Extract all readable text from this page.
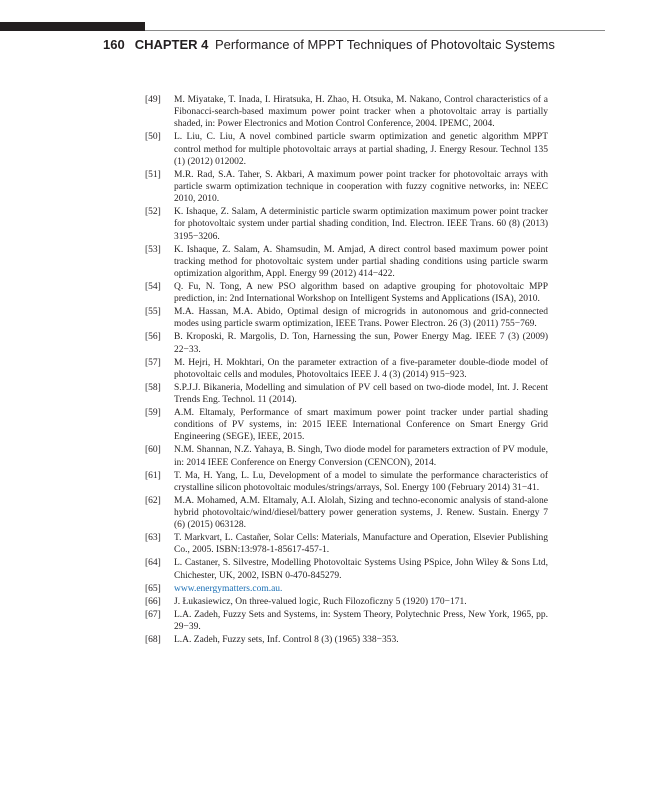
160 CHAPTER 4 Performance of MPPT Techniques of Photovoltaic Systems
[49] M. Miyatake, T. Inada, I. Hiratsuka, H. Zhao, H. Otsuka, M. Nakano, Control characteristics of a Fibonacci-search-based maximum power point tracker when a photovoltaic array is partially shaded, in: Power Electronics and Motion Control Conference, 2004. IPEMC, 2004.
[50] L. Liu, C. Liu, A novel combined particle swarm optimization and genetic algorithm MPPT control method for multiple photovoltaic arrays at partial shading, J. Energy Resour. Technol 135 (1) (2012) 012002.
[51] M.R. Rad, S.A. Taher, S. Akbari, A maximum power point tracker for photovoltaic arrays with particle swarm optimization technique in cooperation with fuzzy cognitive networks, in: NEEC 2010, 2010.
[52] K. Ishaque, Z. Salam, A deterministic particle swarm optimization maximum power point tracker for photovoltaic system under partial shading condition, Ind. Electron. IEEE Trans. 60 (8) (2013) 3195−3206.
[53] K. Ishaque, Z. Salam, A. Shamsudin, M. Amjad, A direct control based maximum power point tracking method for photovoltaic system under partial shading conditions using particle swarm optimization algorithm, Appl. Energy 99 (2012) 414−422.
[54] Q. Fu, N. Tong, A new PSO algorithm based on adaptive grouping for photovoltaic MPP prediction, in: 2nd International Workshop on Intelligent Systems and Applications (ISA), 2010.
[55] M.A. Hassan, M.A. Abido, Optimal design of microgrids in autonomous and grid-connected modes using particle swarm optimization, IEEE Trans. Power Electron. 26 (3) (2011) 755−769.
[56] B. Kroposki, R. Margolis, D. Ton, Harnessing the sun, Power Energy Mag. IEEE 7 (3) (2009) 22−33.
[57] M. Hejri, H. Mokhtari, On the parameter extraction of a five-parameter double-diode model of photovoltaic cells and modules, Photovoltaics IEEE J. 4 (3) (2014) 915−923.
[58] S.P.J.J. Bikaneria, Modelling and simulation of PV cell based on two-diode model, Int. J. Recent Trends Eng. Technol. 11 (2014).
[59] A.M. Eltamaly, Performance of smart maximum power point tracker under partial shading conditions of PV systems, in: 2015 IEEE International Conference on Smart Energy Grid Engineering (SEGE), IEEE, 2015.
[60] N.M. Shannan, N.Z. Yahaya, B. Singh, Two diode model for parameters extraction of PV module, in: 2014 IEEE Conference on Energy Conversion (CENCON), 2014.
[61] T. Ma, H. Yang, L. Lu, Development of a model to simulate the performance characteristics of crystalline silicon photovoltaic modules/strings/arrays, Sol. Energy 100 (February 2014) 31−41.
[62] M.A. Mohamed, A.M. Eltamaly, A.I. Alolah, Sizing and techno-economic analysis of stand-alone hybrid photovoltaic/wind/diesel/battery power generation systems, J. Renew. Sustain. Energy 7 (6) (2015) 063128.
[63] T. Markvart, L. Castañer, Solar Cells: Materials, Manufacture and Operation, Elsevier Publishing Co., 2005. ISBN:13:978-1-85617-457-1.
[64] L. Castaner, S. Silvestre, Modelling Photovoltaic Systems Using PSpice, John Wiley & Sons Ltd, Chichester, UK, 2002, ISBN 0-470-845279.
[65] www.energymatters.com.au.
[66] J. Łukasiewicz, On three-valued logic, Ruch Filozoficzny 5 (1920) 170−171.
[67] L.A. Zadeh, Fuzzy Sets and Systems, in: System Theory, Polytechnic Press, New York, 1965, pp. 29−39.
[68] L.A. Zadeh, Fuzzy sets, Inf. Control 8 (3) (1965) 338−353.
